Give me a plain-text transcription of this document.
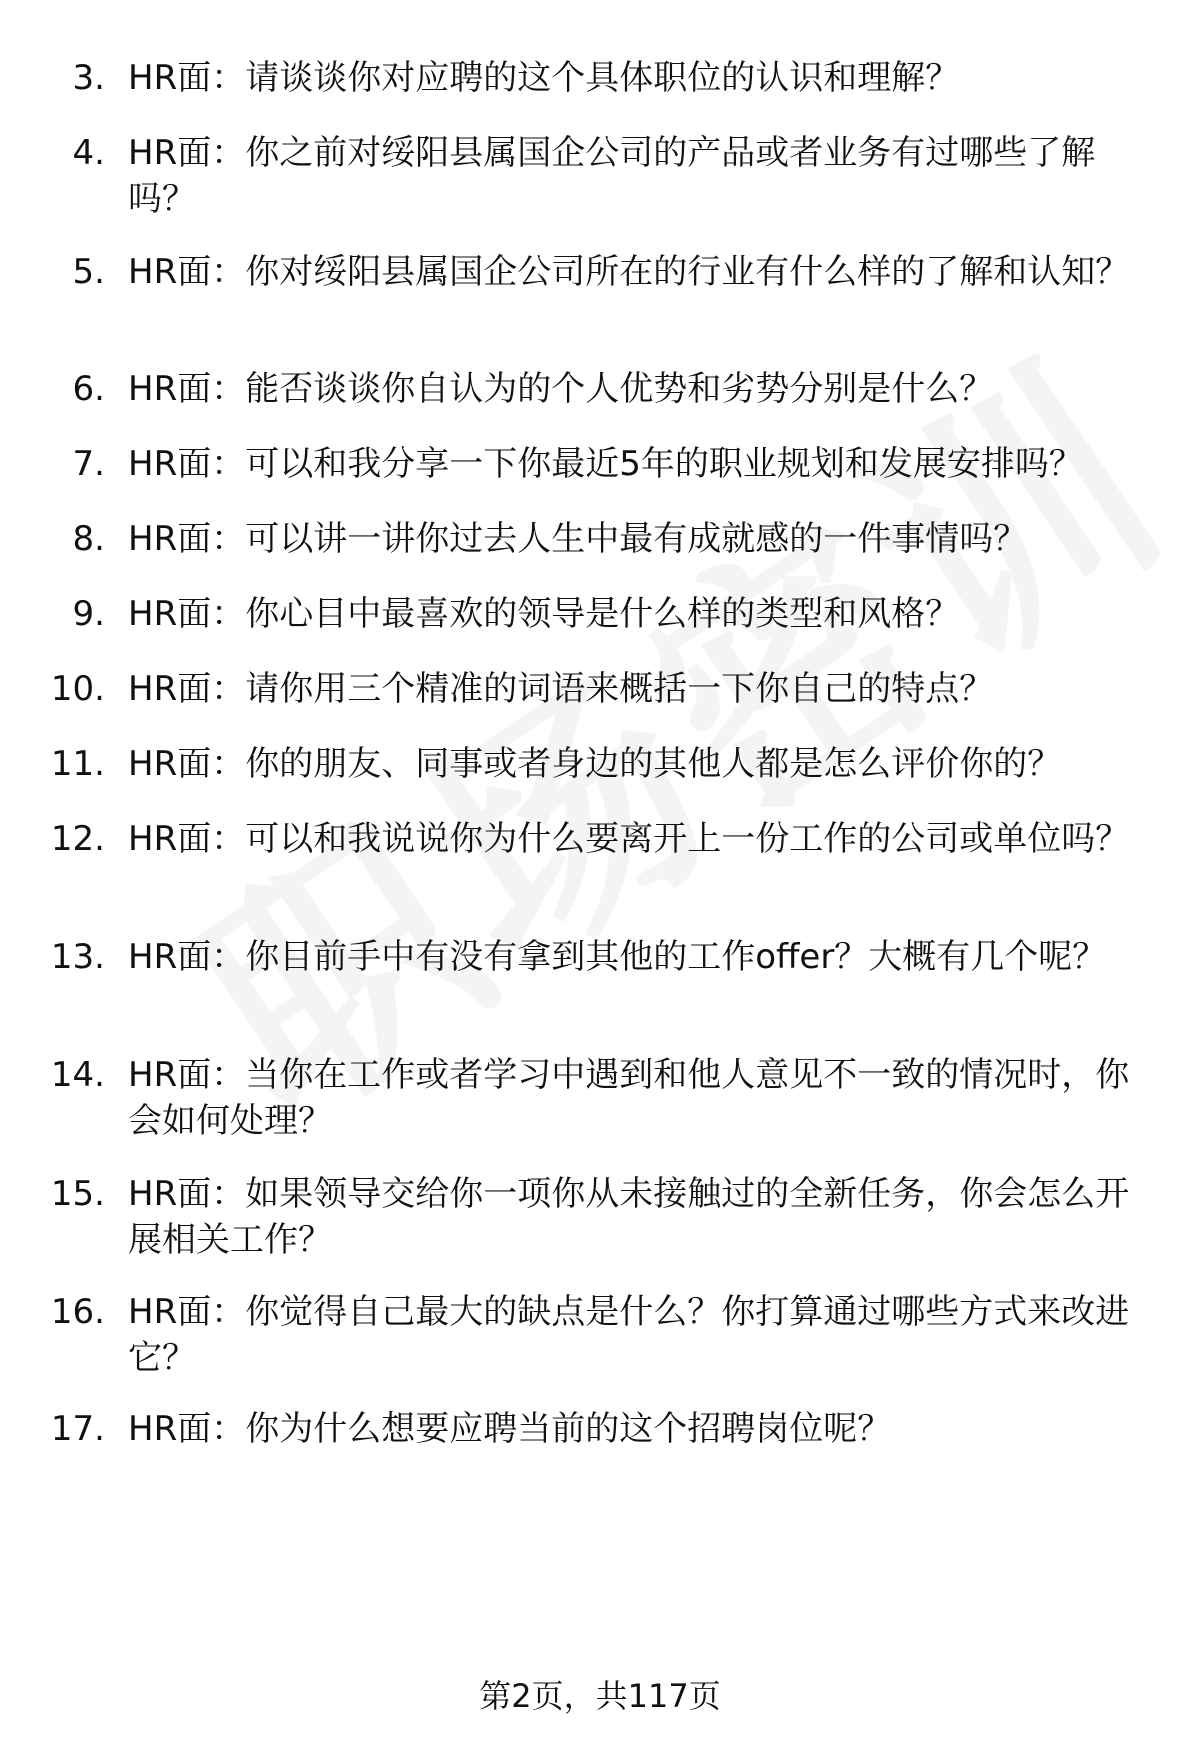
3. HR面：请谈谈你对应聘的这个具体职位的认识和理解？
4. HR面：你之前对绥阳县属国企公司的产品或者业务有过哪些了解吗？
5. HR面：你对绥阳县属国企公司所在的行业有什么样的了解和认知？
6. HR面：能否谈谈你自认为的个人优势和劣势分别是什么？
7. HR面：可以和我分享一下你最近5年的职业规划和发展安排吗？
8. HR面：可以讲一讲你过去人生中最有成就感的一件事情吗？
9. HR面：你心目中最喜欢的领导是什么样的类型和风格？
10. HR面：请你用三个精准的词语来概括一下你自己的特点？
11. HR面：你的朋友、同事或者身边的其他人都是怎么评价你的？
12. HR面：可以和我说说你为什么要离开上一份工作的公司或单位吗？
13. HR面：你目前手中有没有拿到其他的工作offer？大概有几个呢？
14. HR面：当你在工作或者学习中遇到和他人意见不一致的情况时，你会如何处理？
15. HR面：如果领导交给你一项你从未接触过的全新任务，你会怎么开展相关工作？
16. HR面：你觉得自己最大的缺点是什么？你打算通过哪些方式来改进它？
17. HR面：你为什么想要应聘当前的这个招聘岗位呢？
第2页，共117页
